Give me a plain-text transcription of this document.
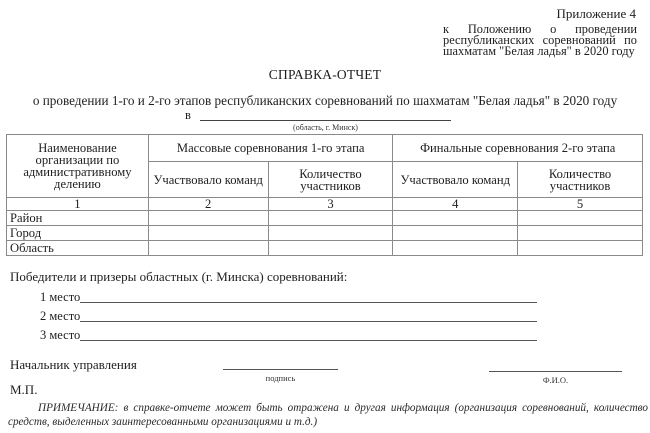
Приложение 4
к Положению о проведении
республиканских соревнований по
шахматам "Белая ладья" в 2020 году
СПРАВКА-ОТЧЕТ
о проведении 1-го и 2-го этапов республиканских соревнований по шахматам "Белая ладья" в 2020 году
в
(область, г. Минск)
Наименование организации по административному делению	Массовые соревнования 1-го этапа		Финальные соревнования 2-го этапа	
	Участвовало команд	Количество участников	Участвовало команд	Количество участников
1	2	3	4	5
Район				
Город				
Область				
Победители и призеры областных (г. Минска) соревнований:
1 место
2 место
3 место
Начальник управления
подпись	Ф.И.О.
М.П.
ПРИМЕЧАНИЕ: в справке-отчете может быть отражена и другая информация (организация соревнований, количество средств, выделенных заинтересованными организациями и т.д.)
